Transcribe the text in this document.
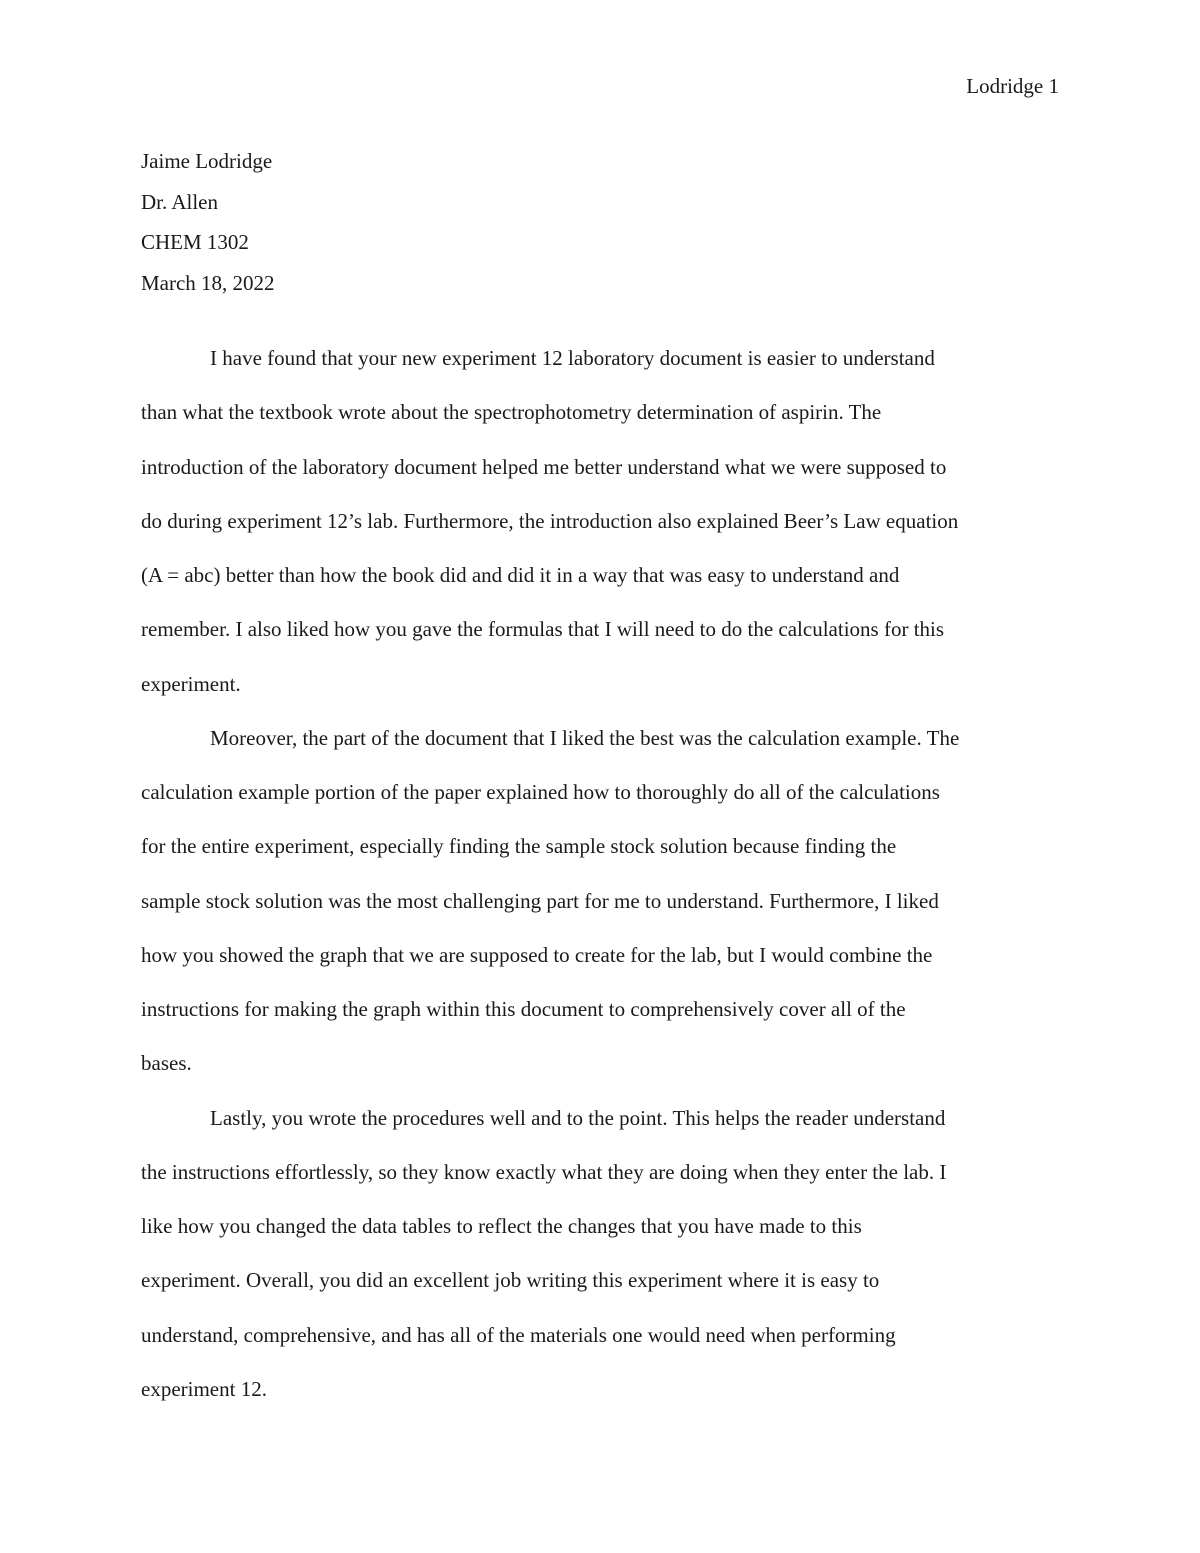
Lodridge 1
Jaime Lodridge
Dr. Allen
CHEM 1302
March 18, 2022
I have found that your new experiment 12 laboratory document is easier to understand
than what the textbook wrote about the spectrophotometry determination of aspirin. The
introduction of the laboratory document helped me better understand what we were supposed to
do during experiment 12’s lab. Furthermore, the introduction also explained Beer’s Law equation
(A = abc) better than how the book did and did it in a way that was easy to understand and
remember. I also liked how you gave the formulas that I will need to do the calculations for this
experiment.
Moreover, the part of the document that I liked the best was the calculation example. The
calculation example portion of the paper explained how to thoroughly do all of the calculations
for the entire experiment, especially finding the sample stock solution because finding the
sample stock solution was the most challenging part for me to understand. Furthermore, I liked
how you showed the graph that we are supposed to create for the lab, but I would combine the
instructions for making the graph within this document to comprehensively cover all of the
bases.
Lastly, you wrote the procedures well and to the point. This helps the reader understand
the instructions effortlessly, so they know exactly what they are doing when they enter the lab. I
like how you changed the data tables to reflect the changes that you have made to this
experiment. Overall, you did an excellent job writing this experiment where it is easy to
understand, comprehensive, and has all of the materials one would need when performing
experiment 12.
